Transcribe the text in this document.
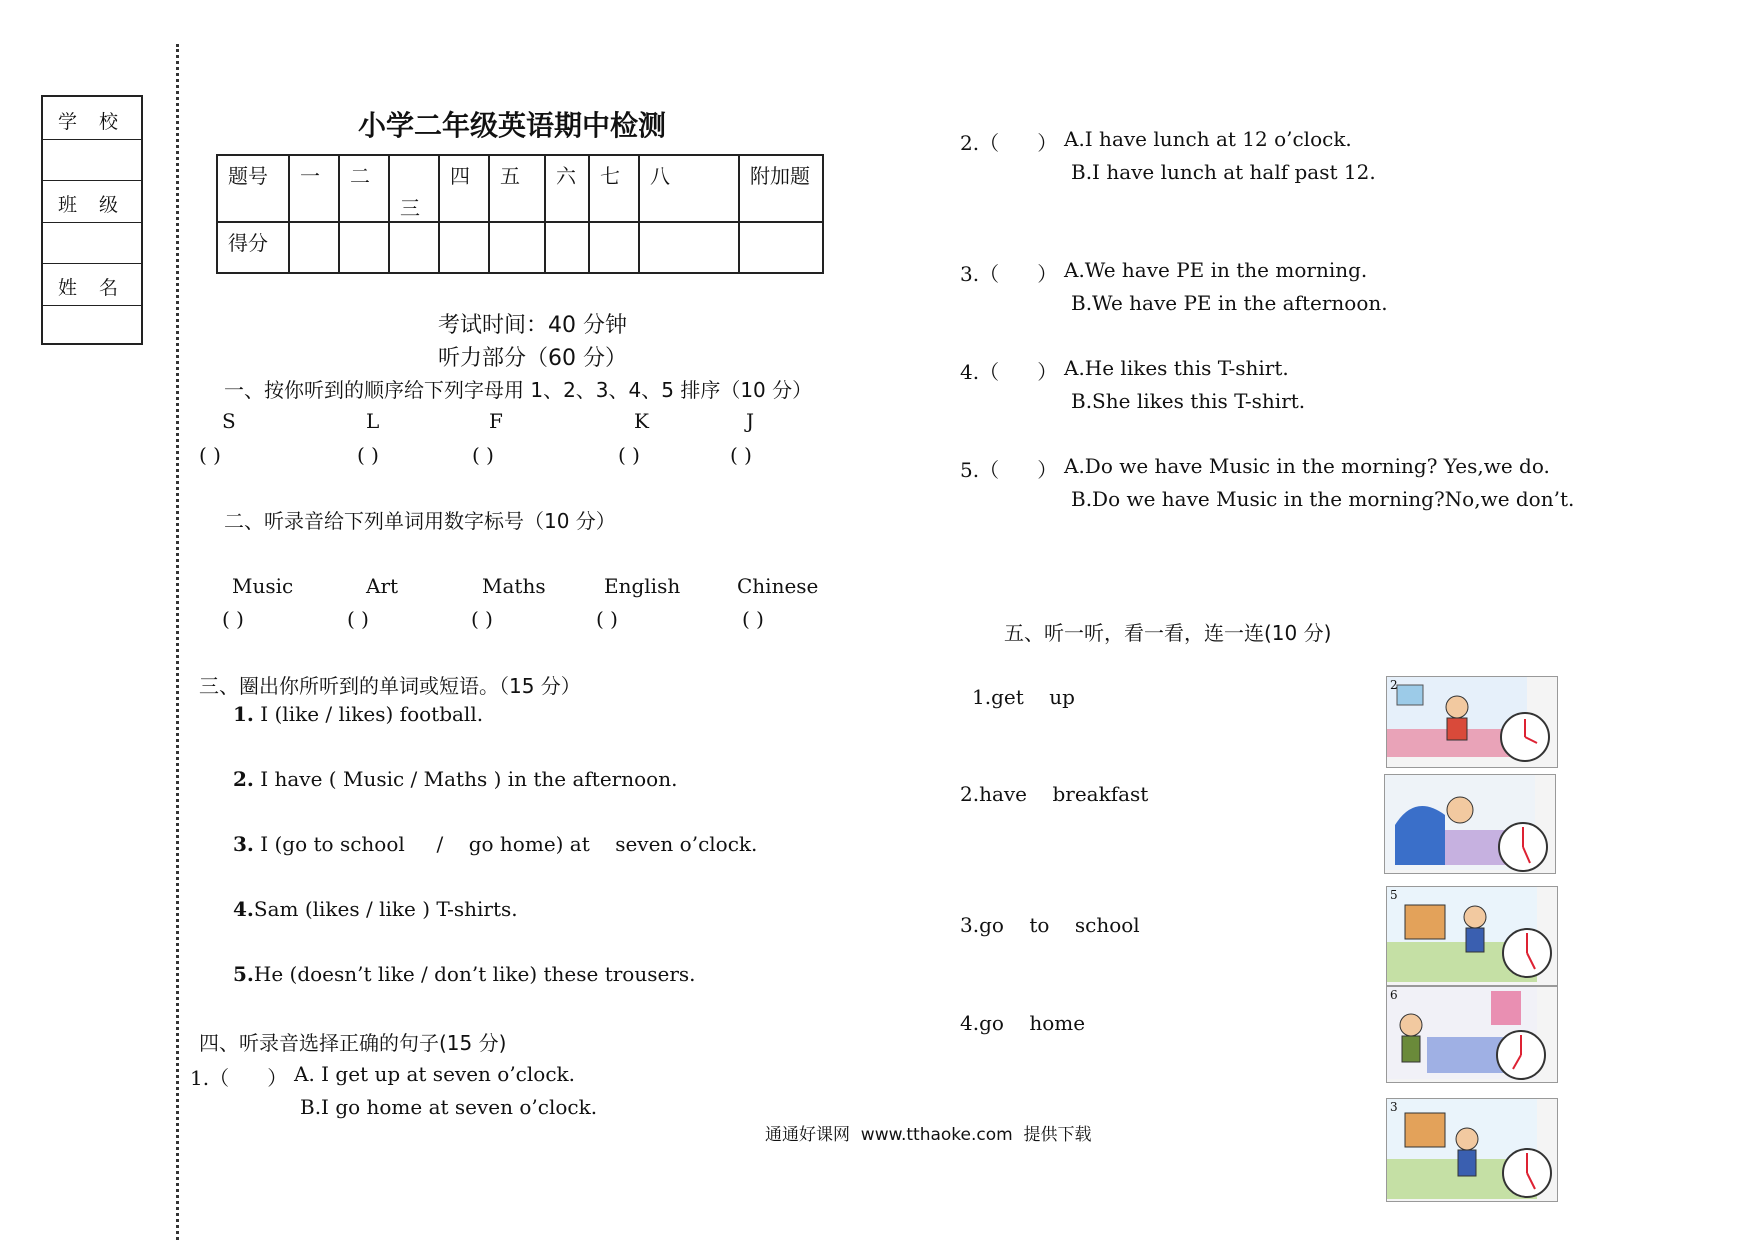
学 校
班 级
姓 名
小学二年级英语期中检测
题号	一	二	三	四	五	六	七	八	附加题

得分									

考试时间：40 分钟
听力部分（60 分）
一、按你听到的顺序给下列字母用 1、2、3、4、5 排序（10 分）
S	L	F	K	J
( )	( )	( )	( )	( )
二、听录音给下列单词用数字标号（10 分）
Music	Art	Maths	English	Chinese
( )	( )	( )	( )	( )
三、圈出你所听到的单词或短语。（15 分）
1. I (like / likes) football.
2. I have ( Music / Maths ) in the afternoon.
3. I (go to school     /    go home) at    seven o’clock.
4.Sam (likes / like ) T-shirts.
5.He (doesn’t like / don’t like) these trousers.
四、听录音选择正确的句子(15 分)
1.（      ） A. I get up at seven o’clock.
B.I go home at seven o’clock.
2.（      ） A.I have lunch at 12 o’clock.
B.I have lunch at half past 12.
3.（      ） A.We have PE in the morning.
B.We have PE in the afternoon.
4.（      ） A.He likes this T-shirt.
B.She likes this T-shirt.
5.（      ） A.Do we have Music in the morning? Yes,we do.
B.Do we have Music in the morning?No,we don’t.
五、听一听，看一看，连一连(10 分)
1.get    up
2.have    breakfast
3.go    to    school
4.go    home
2
5
6
3
通通好课网  www.tthaoke.com  提供下载
